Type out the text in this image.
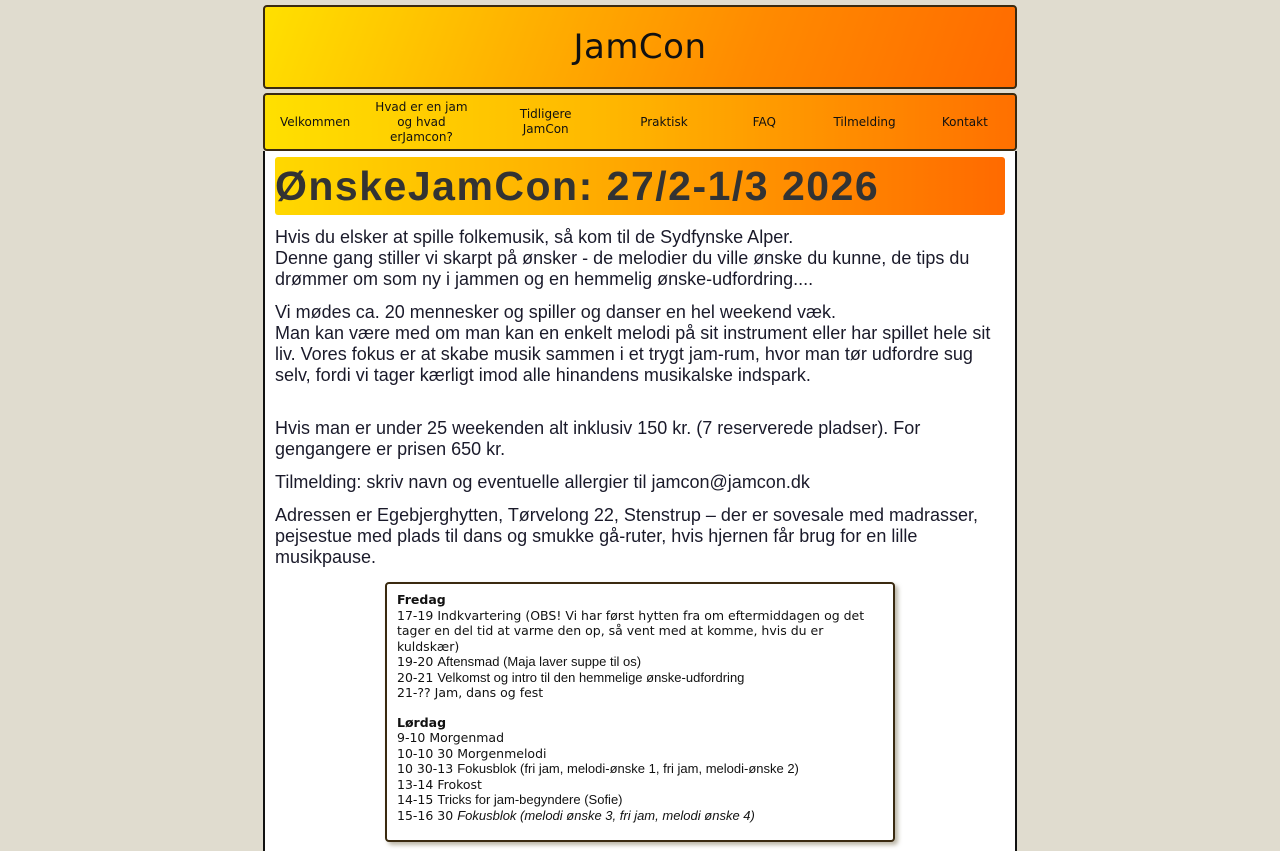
JamCon
Velkommen
Hvad er en jam og hvad erJamcon?
Tidligere JamCon
Praktisk	FAQ	Tilmelding	Kontakt
ØnskeJamCon: 27/2-1/3 2026

Hvis du elsker at spille folkemusik, så kom til de Sydfynske Alper.
Denne gang stiller vi skarpt på ønsker - de melodier du ville ønske du kunne, de tips du drømmer om som ny i jammen og en hemmelig ønske-udfordring....

Vi mødes ca. 20 mennesker og spiller og danser en hel weekend væk.
Man kan være med om man kan en enkelt melodi på sit instrument eller har spillet hele sit liv. Vores fokus er at skabe musik sammen i et trygt jam-rum, hvor man tør udfordre sug selv, fordi vi tager kærligt imod alle hinandens musikalske indspark.

Hvis man er under 25 weekenden alt inklusiv 150 kr. (7 reserverede pladser). For gengangere er prisen 650 kr.

Tilmelding: skriv navn og eventuelle allergier til jamcon@jamcon.dk

Adressen er Egebjerghytten, Tørvelong 22, Stenstrup – der er sovesale med madrasser, pejsestue med plads til dans og smukke gå-ruter, hvis hjernen får brug for en lille musikpause.

Fredag
17-19 Indkvartering (OBS! Vi har først hytten fra om eftermiddagen og det tager en del tid at varme den op, så vent med at komme, hvis du er kuldskær)
19-20 Aftensmad (Maja laver suppe til os)
20-21 Velkomst og intro til den hemmelige ønske-udfordring
21-?? Jam, dans og fest
Lørdag
9-10 Morgenmad
10-10 30 Morgenmelodi
10 30-13 Fokusblok (fri jam, melodi-ønske 1, fri jam, melodi-ønske 2)
13-14 Frokost
14-15 Tricks for jam-begyndere (Sofie)
15-16 30 Fokusblok (melodi ønske 3, fri jam, melodi ønske 4)
